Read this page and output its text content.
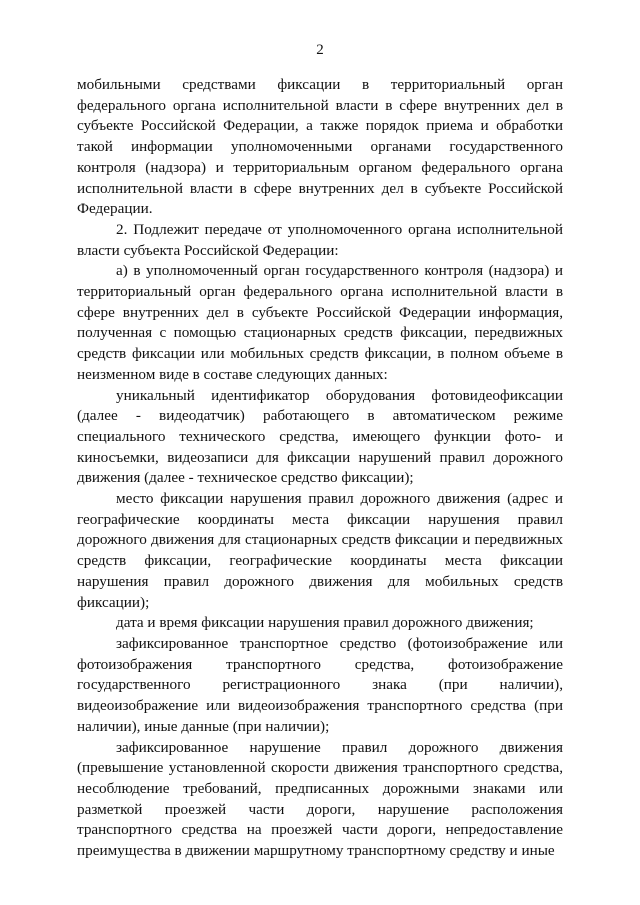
2

мобильными средствами фиксации в территориальный орган федерального органа исполнительной власти в сфере внутренних дел в субъекте Российской Федерации, а также порядок приема и обработки такой информации уполномоченными органами государственного контроля (надзора) и территориальным органом федерального органа исполнительной власти в сфере внутренних дел в субъекте Российской Федерации.

2. Подлежит передаче от уполномоченного органа исполнительной власти субъекта Российской Федерации:

а) в уполномоченный орган государственного контроля (надзора) и территориальный орган федерального органа исполнительной власти в сфере внутренних дел в субъекте Российской Федерации информация, полученная с помощью стационарных средств фиксации, передвижных средств фиксации или мобильных средств фиксации, в полном объеме в неизменном виде в составе следующих данных:

уникальный идентификатор оборудования фотовидеофиксации (далее - видеодатчик) работающего в автоматическом режиме специального технического средства, имеющего функции фото- и киносъемки, видеозаписи для фиксации нарушений правил дорожного движения (далее - техническое средство фиксации);

место фиксации нарушения правил дорожного движения (адрес и географические координаты места фиксации нарушения правил дорожного движения для стационарных средств фиксации и передвижных средств фиксации, географические координаты места фиксации нарушения правил дорожного движения для мобильных средств фиксации);

дата и время фиксации нарушения правил дорожного движения;

зафиксированное транспортное средство (фотоизображение или фотоизображения транспортного средства, фотоизображение государственного регистрационного знака (при наличии), видеоизображение или видеоизображения транспортного средства (при наличии), иные данные (при наличии);

зафиксированное нарушение правил дорожного движения (превышение установленной скорости движения транспортного средства, несоблюдение требований, предписанных дорожными знаками или разметкой проезжей части дороги, нарушение расположения транспортного средства на проезжей части дороги, непредоставление преимущества в движении маршрутному транспортному средству и иные
